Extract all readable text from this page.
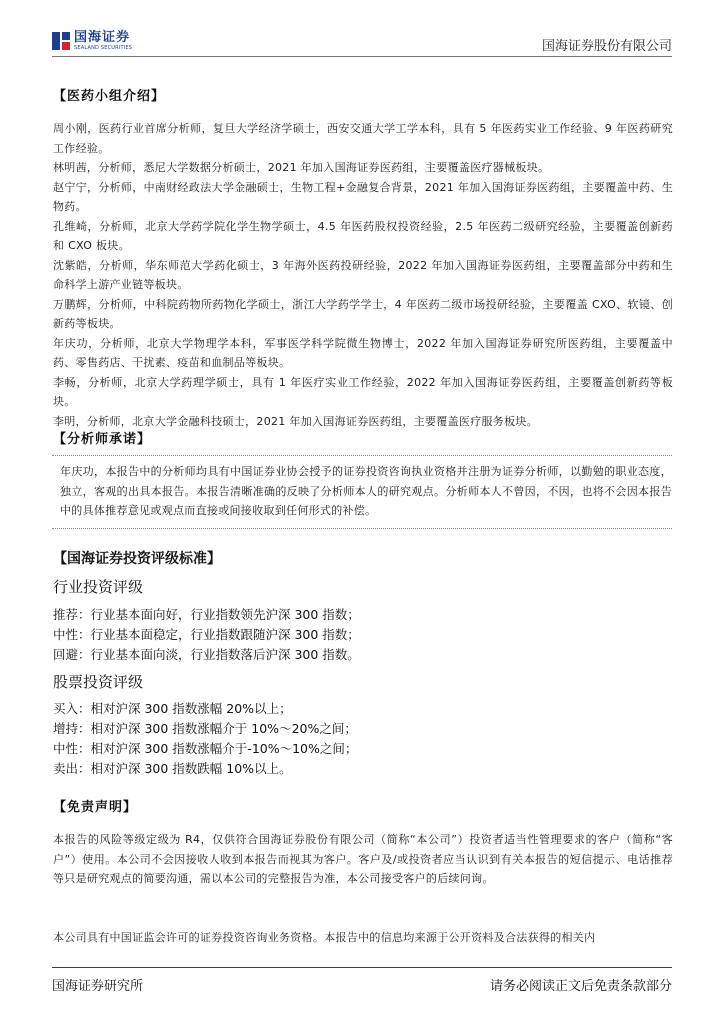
国海证券
SEALAND SECURITIES	国海证券股份有限公司
【医药小组介绍】

周小刚，医药行业首席分析师，复旦大学经济学硕士，西安交通大学工学本科，具有 5 年医药实业工作经验、9 年医药研究工作经验。

林明茜，分析师，悉尼大学数据分析硕士，2021 年加入国海证券医药组，主要覆盖医疗器械板块。

赵宁宁，分析师，中南财经政法大学金融硕士，生物工程+金融复合背景，2021 年加入国海证券医药组，主要覆盖中药、生物药。

孔维崎，分析师，北京大学药学院化学生物学硕士，4.5 年医药股权投资经验，2.5 年医药二级研究经验，主要覆盖创新药和 CXO 板块。

沈紫皓，分析师，华东师范大学药化硕士，3 年海外医药投研经验，2022 年加入国海证券医药组，主要覆盖部分中药和生命科学上游产业链等板块。

万鹏辉，分析师，中科院药物所药物化学硕士，浙江大学药学学士，4 年医药二级市场投研经验，主要覆盖 CXO、软镜、创新药等板块。

年庆功，分析师，北京大学物理学本科，军事医学科学院微生物博士，2022 年加入国海证券研究所医药组，主要覆盖中药、零售药店、干扰素、疫苗和血制品等板块。

李畅，分析师，北京大学药理学硕士，具有 1 年医疗实业工作经验，2022 年加入国海证券医药组，主要覆盖创新药等板块。

李明，分析师，北京大学金融科技硕士，2021 年加入国海证券医药组，主要覆盖医疗服务板块。

【分析师承诺】
年庆功，本报告中的分析师均具有中国证券业协会授予的证券投资咨询执业资格并注册为证券分析师，以勤勉的职业态度，独立，客观的出具本报告。本报告清晰准确的反映了分析师本人的研究观点。分析师本人不曾因，不因，也将不会因本报告中的具体推荐意见或观点而直接或间接收取到任何形式的补偿。
【国海证券投资评级标准】
行业投资评级
推荐：行业基本面向好，行业指数领先沪深 300 指数；
中性：行业基本面稳定，行业指数跟随沪深 300 指数；
回避：行业基本面向淡，行业指数落后沪深 300 指数。
股票投资评级
买入：相对沪深 300 指数涨幅 20%以上；
增持：相对沪深 300 指数涨幅介于 10%～20%之间；
中性：相对沪深 300 指数涨幅介于-10%～10%之间；
卖出：相对沪深 300 指数跌幅 10%以上。
【免责声明】
本报告的风险等级定级为 R4，仅供符合国海证券股份有限公司（简称“本公司”）投资者适当性管理要求的客户（简称“客户”）使用。本公司不会因接收人收到本报告而视其为客户。客户及/或投资者应当认识到有关本报告的短信提示、电话推荐等只是研究观点的简要沟通，需以本公司的完整报告为准，本公司接受客户的后续问询。
本公司具有中国证监会许可的证券投资咨询业务资格。本报告中的信息均来源于公开资料及合法获得的相关内
国海证券研究所	请务必阅读正文后免责条款部分
